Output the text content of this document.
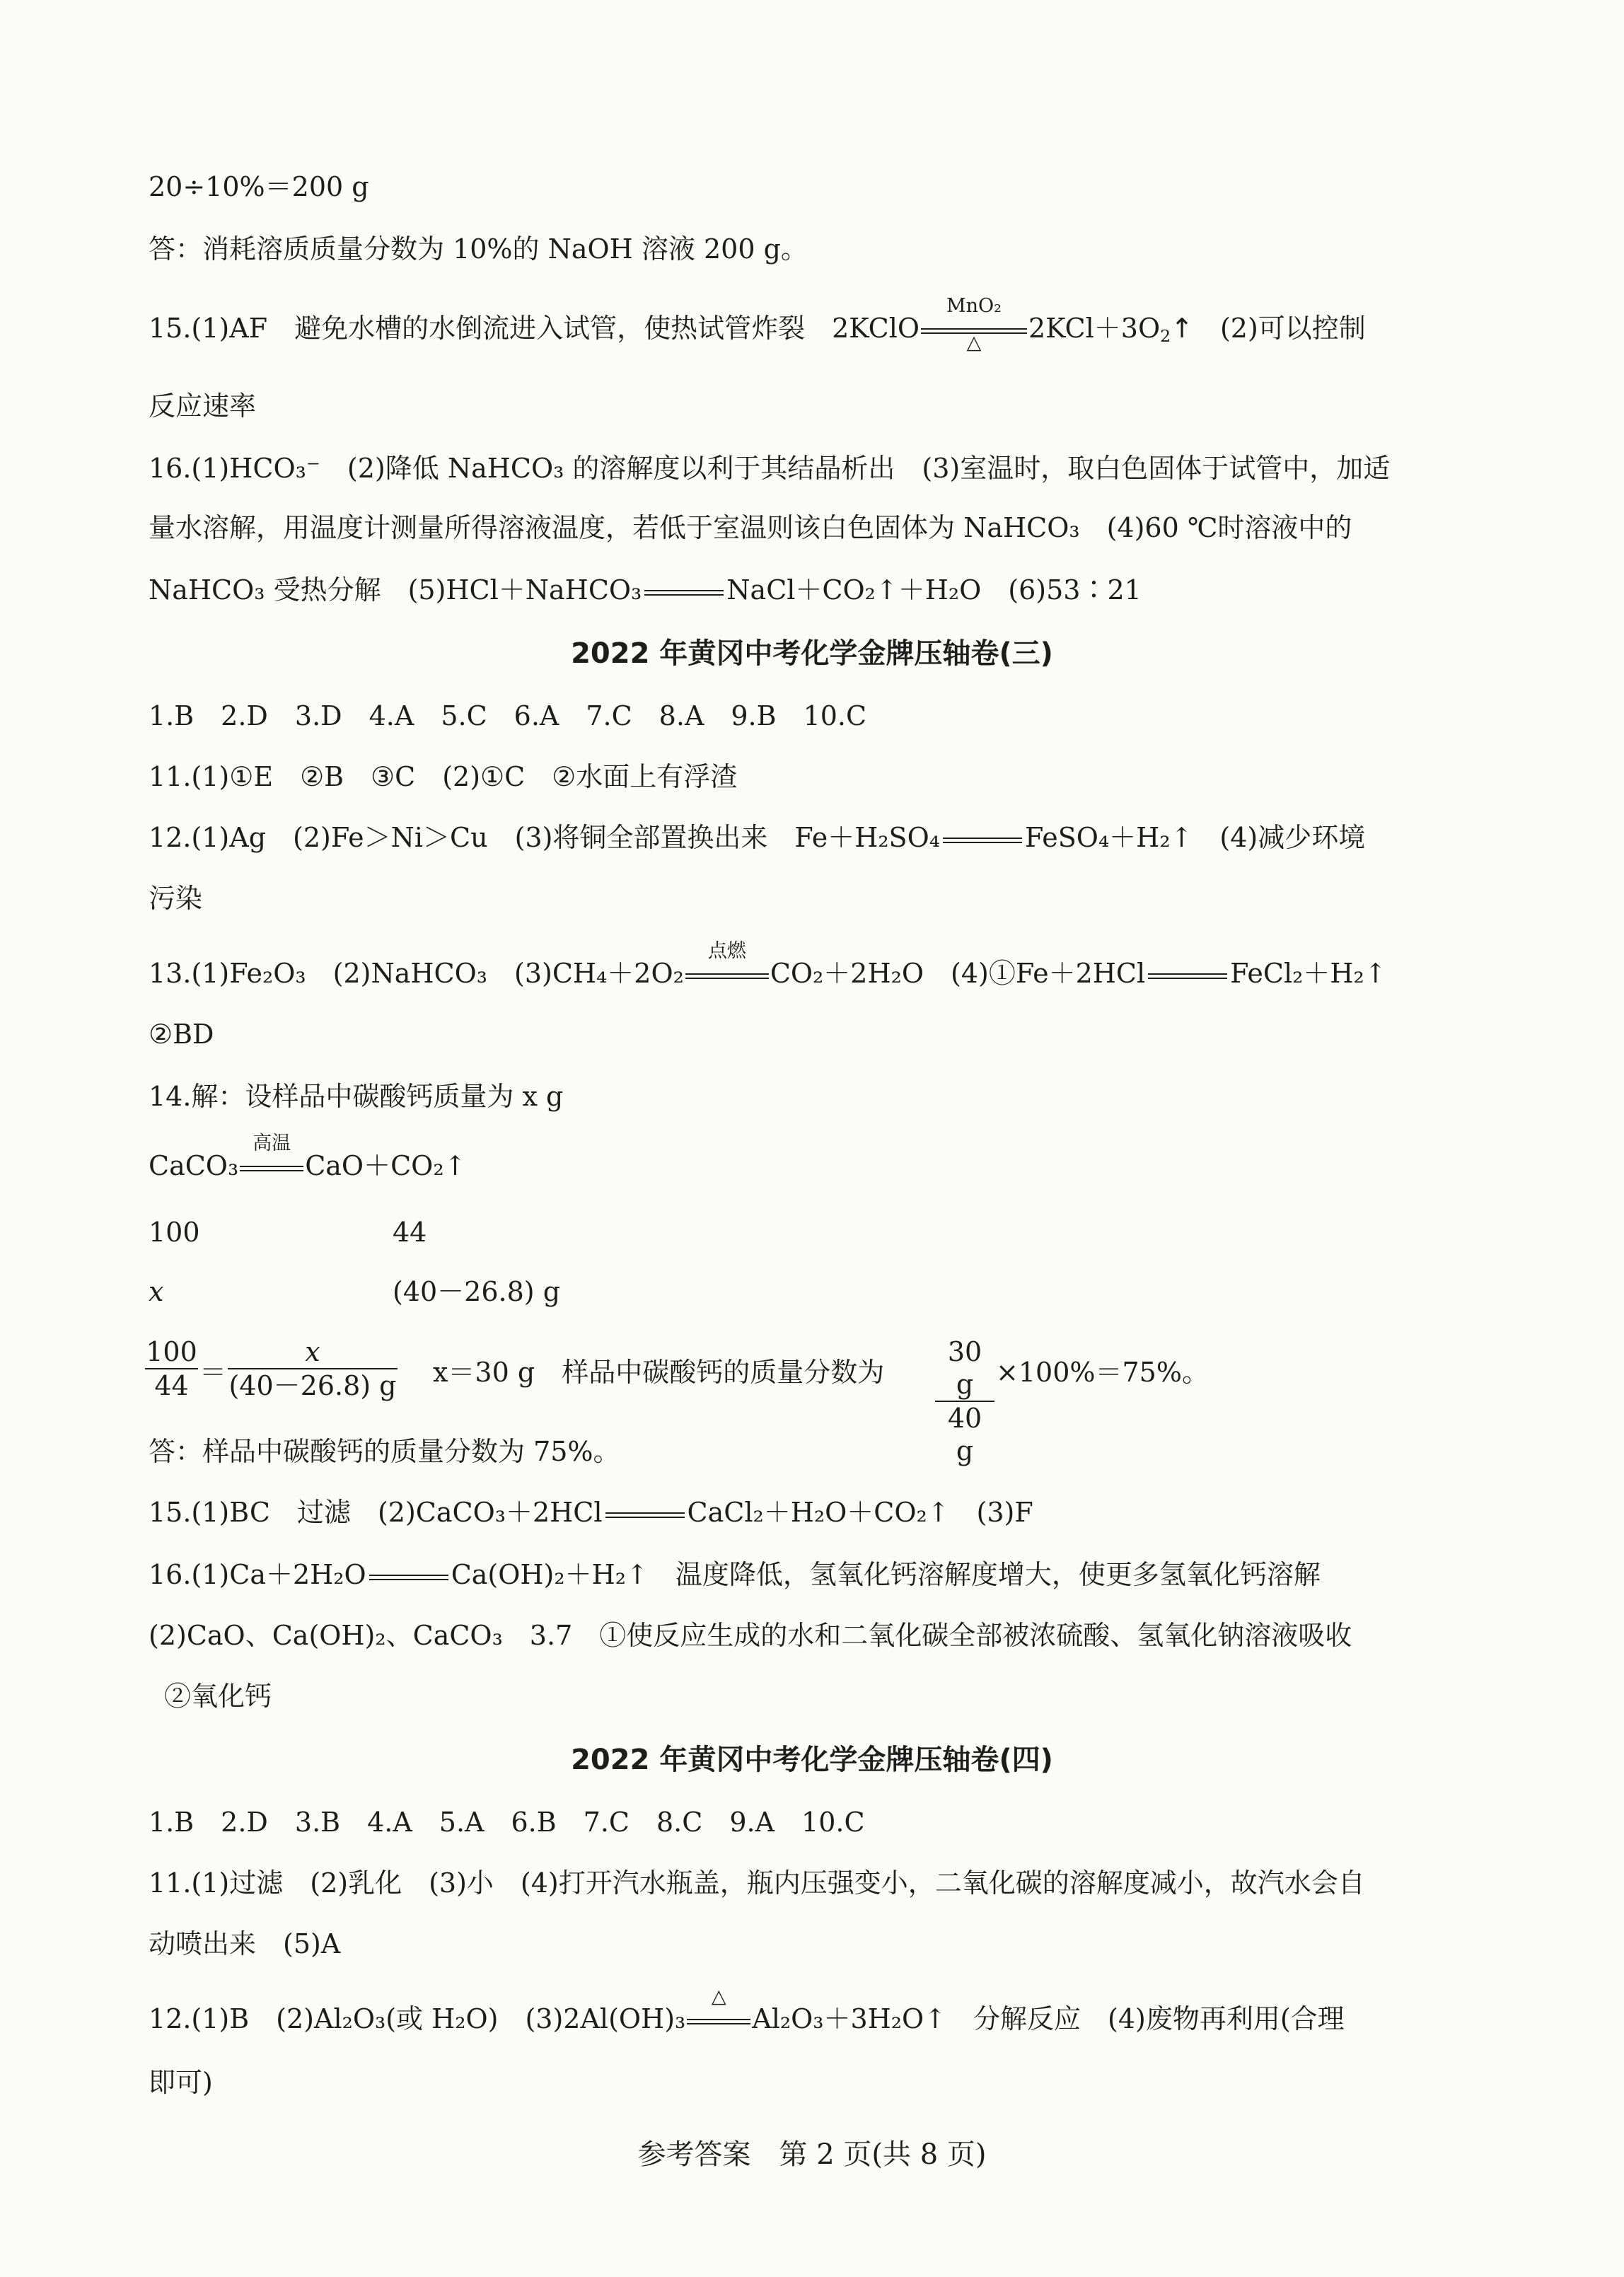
20÷10%＝200 g
答：消耗溶质质量分数为 10%的 NaOH 溶液 200 g。
15.(1)AF　避免水槽的水倒流进入试管，使热试管炸裂　2KClO
MnO₂
△	$2KCl+3O_2↑$　(2)可以控制
反应速率
16.(1)HCO₃⁻　(2)降低 NaHCO₃ 的溶解度以利于其结晶析出　(3)室温时，取白色固体于试管中，加适
量水溶解，用温度计测量所得溶液温度，若低于室温则该白色固体为 NaHCO₃　(4)60 ℃时溶液中的
NaHCO₃ 受热分解　(5)HCl＋NaHCO₃	NaCl＋CO₂↑＋H₂O　(6)53∶21
2022 年黄冈中考化学金牌压轴卷(三)
1.B　2.D　3.D　4.A　5.C　6.A　7.C　8.A　9.B　10.C
11.(1)①E　②B　③C　(2)①C　②水面上有浮渣
12.(1)Ag　(2)Fe＞Ni＞Cu　(3)将铜全部置换出来　Fe＋H₂SO₄	FeSO₄＋H₂↑　(4)减少环境
污染
13.(1)Fe₂O₃　(2)NaHCO₃　(3)CH₄＋2O₂
点燃
CO₂＋2H₂O　(4)①Fe＋2HCl	FeCl₂＋H₂↑
②BD
14.解：设样品中碳酸钙质量为 x g
CaCO₃
高温
CaO＋CO₂↑
100	44
x	(40－26.8) g
$\frac{100}{44} = \frac{x}{(40-26.8) g} x=30$ g　样品中碳酸钙的质量分数为 $\frac{30 g}{40 g} \times 100\%=75\%$。
答：样品中碳酸钙的质量分数为 75%。
15.(1)BC　过滤　(2)CaCO₃＋2HCl	CaCl₂＋H₂O＋CO₂↑　(3)F
16.(1)Ca＋2H₂O	Ca(OH)₂＋H₂↑　温度降低，氢氧化钙溶解度增大，使更多氢氧化钙溶解
(2)CaO、Ca(OH)₂、CaCO₃　3.7　①使反应生成的水和二氧化碳全部被浓硫酸、氢氧化钠溶液吸收
②氧化钙
2022 年黄冈中考化学金牌压轴卷(四)
1.B　2.D　3.B　4.A　5.A　6.B　7.C　8.C　9.A　10.C
11.(1)过滤　(2)乳化　(3)小　(4)打开汽水瓶盖，瓶内压强变小，二氧化碳的溶解度减小，故汽水会自
动喷出来　(5)A
12.(1)B　(2)Al₂O₃(或 H₂O)　(3)2Al(OH)₃
△
Al₂O₃＋3H₂O↑　分解反应　(4)废物再利用(合理
即可)
参考答案　第 2 页(共 8 页)
